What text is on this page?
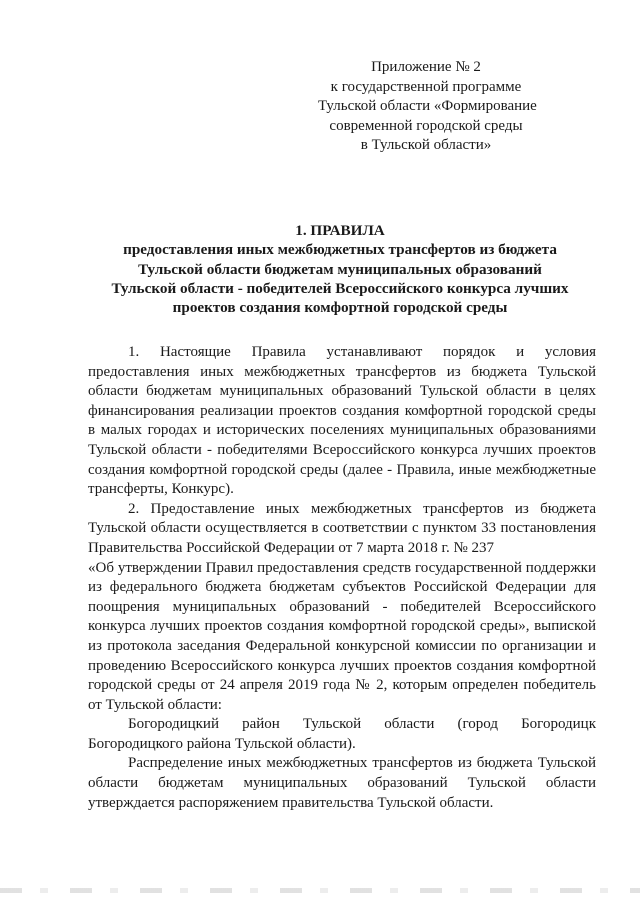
Приложение № 2
к государственной программе
Тульской области «Формирование
современной городской среды
в Тульской области»
1. ПРАВИЛА
предоставления иных межбюджетных трансфертов из бюджета
Тульской области бюджетам муниципальных образований
Тульской области - победителей Всероссийского конкурса лучших
проектов создания комфортной городской среды

1. Настоящие Правила устанавливают порядок и условия предоставления иных межбюджетных трансфертов из бюджета Тульской области бюджетам муниципальных образований Тульской области в целях финансирования реализации проектов создания комфортной городской среды в малых городах и исторических поселениях муниципальных образованиями Тульской области - победителями Всероссийского конкурса лучших проектов создания комфортной городской среды (далее - Правила, иные межбюджетные трансферты, Конкурс).

2. Предоставление иных межбюджетных трансфертов из бюджета Тульской области осуществляется в соответствии с пунктом 33 постановления Правительства Российской Федерации от 7 марта 2018 г. № 237

«Об утверждении Правил предоставления средств государственной поддержки из федерального бюджета бюджетам субъектов Российской Федерации для поощрения муниципальных образований - победителей Всероссийского конкурса лучших проектов создания комфортной городской среды», выпиской из протокола заседания Федеральной конкурсной комиссии по организации и проведению Всероссийского конкурса лучших проектов создания комфортной городской среды от 24 апреля 2019 года № 2, которым определен победитель от Тульской области:

Богородицкий район Тульской области (город Богородицк Богородицкого района Тульской области).

Распределение иных межбюджетных трансфертов из бюджета Тульской области бюджетам муниципальных образований Тульской области утверждается распоряжением правительства Тульской области.
